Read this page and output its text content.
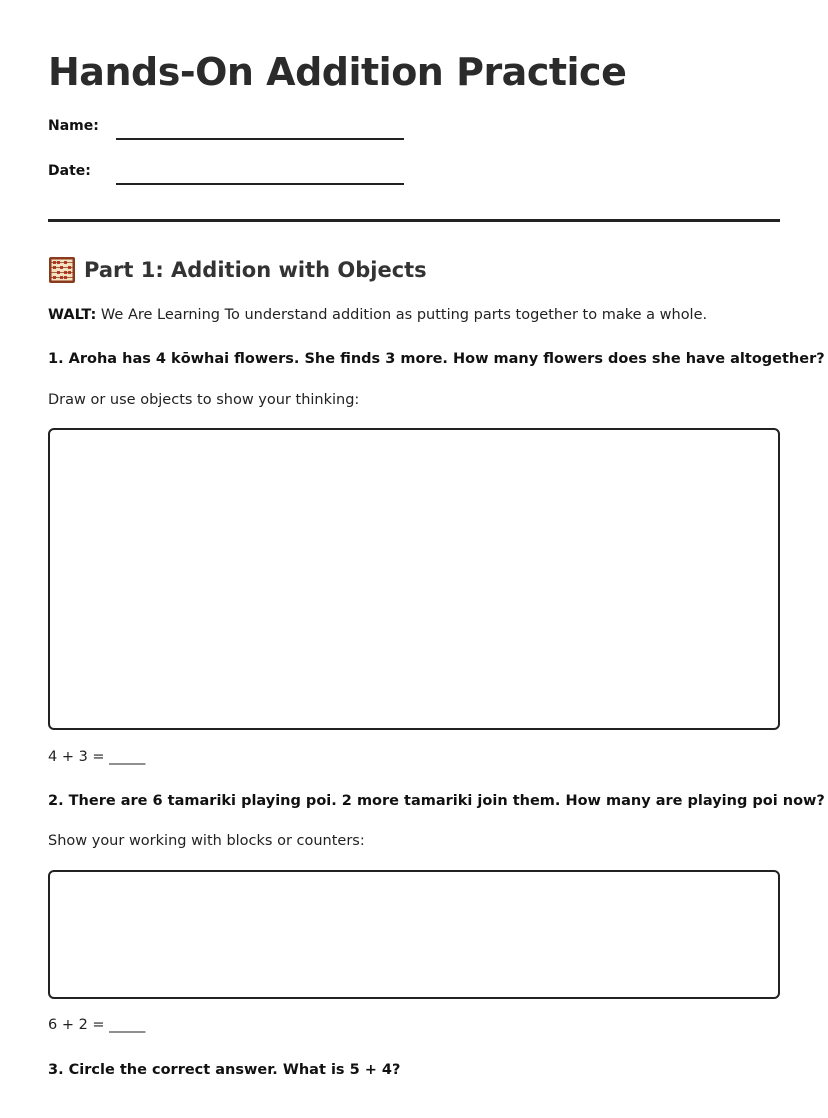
Hands-On Addition Practice
Name:
Date:
Part 1: Addition with Objects
WALT: We Are Learning To understand addition as putting parts together to make a whole.
1. Aroha has 4 kōwhai flowers. She finds 3 more. How many flowers does she have altogether?
Draw or use objects to show your thinking:
4 + 3 = _____
2. There are 6 tamariki playing poi. 2 more tamariki join them. How many are playing poi now?
Show your working with blocks or counters:
6 + 2 = _____
3. Circle the correct answer. What is 5 + 4?
